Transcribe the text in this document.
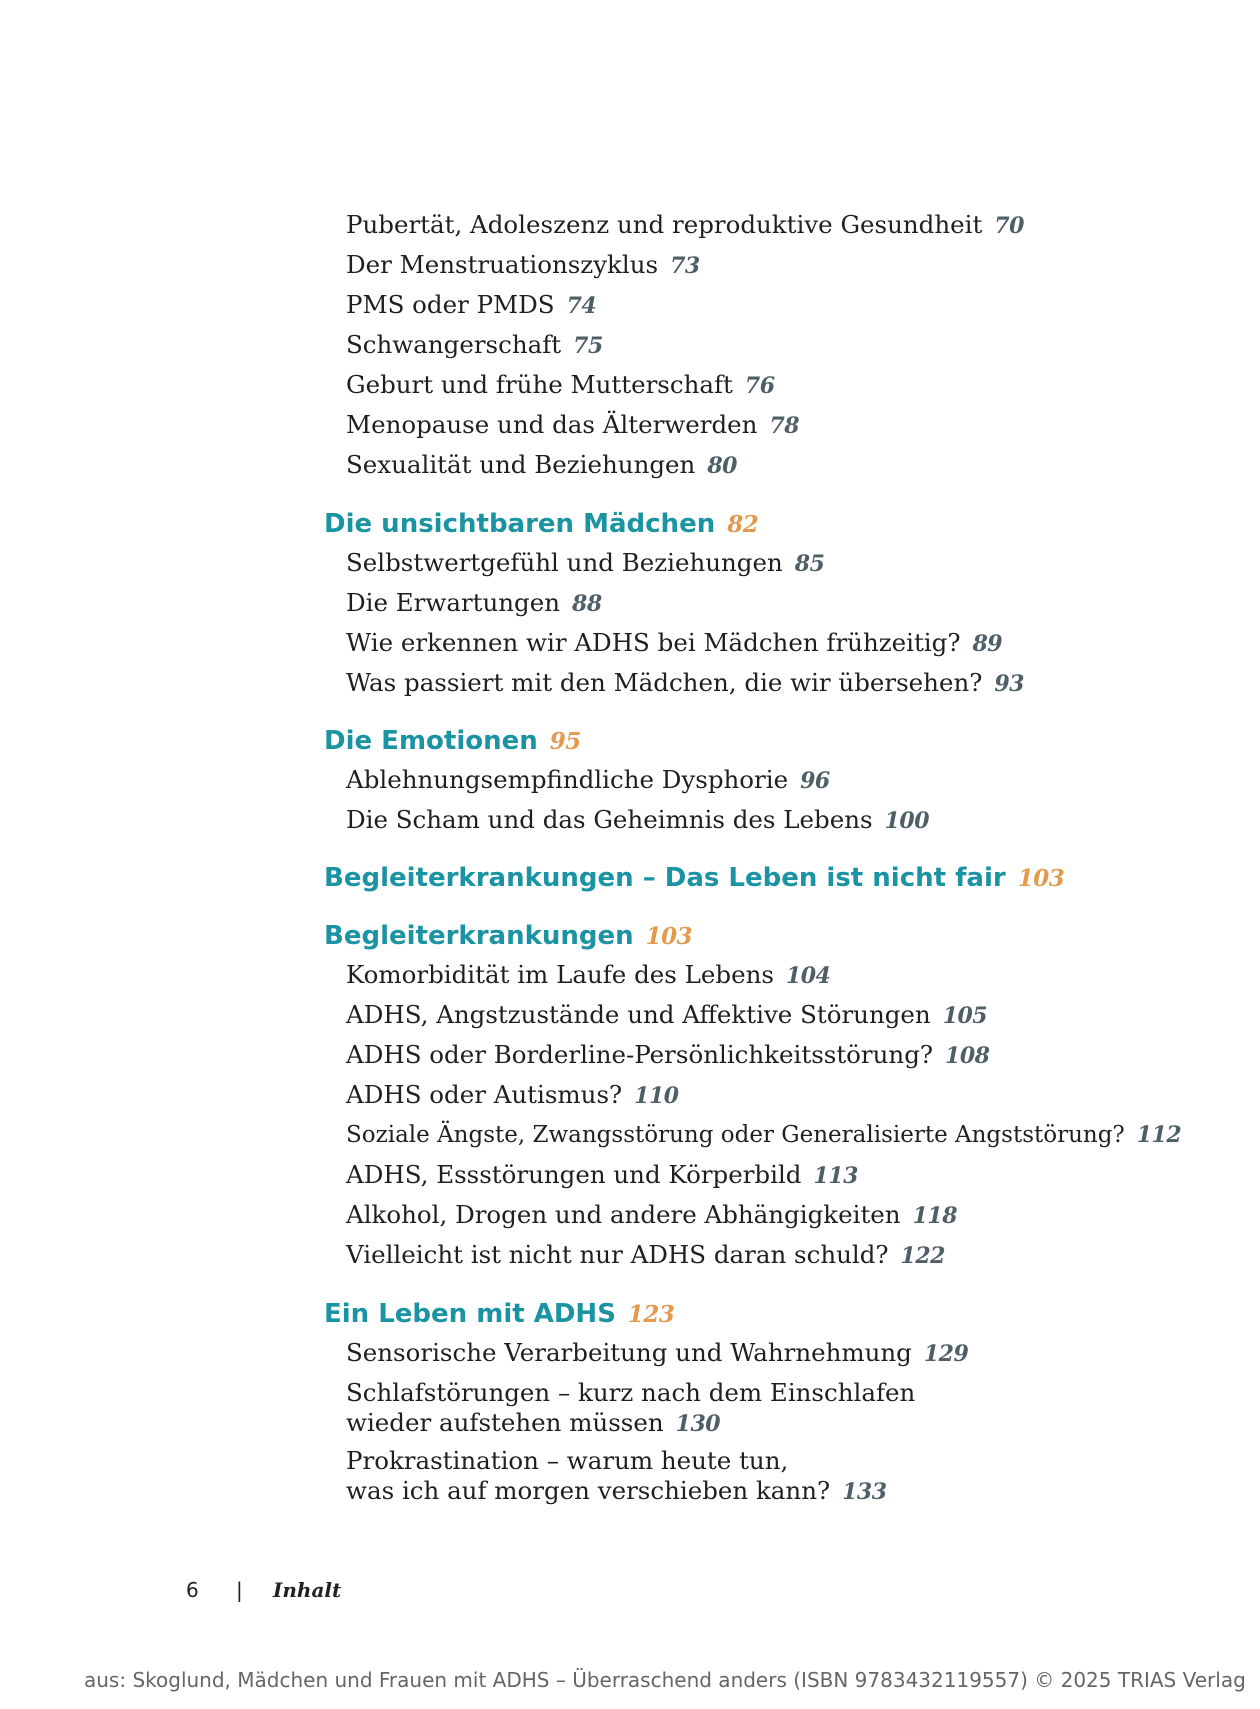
Pubertät, Adoleszenz und reproduktive Gesundheit 70
Der Menstruationszyklus 73
PMS oder PMDS 74
Schwangerschaft 75
Geburt und frühe Mutterschaft 76
Menopause und das Älterwerden 78
Sexualität und Beziehungen 80
Die unsichtbaren Mädchen 82
Selbstwertgefühl und Beziehungen 85
Die Erwartungen 88
Wie erkennen wir ADHS bei Mädchen frühzeitig? 89
Was passiert mit den Mädchen, die wir übersehen? 93
Die Emotionen 95
Ablehnungsempfindliche Dysphorie 96
Die Scham und das Geheimnis des Lebens 100
Begleiterkrankungen – Das Leben ist nicht fair 103
Begleiterkrankungen 103
Komorbidität im Laufe des Lebens 104
ADHS, Angstzustände und Affektive Störungen 105
ADHS oder Borderline-Persönlichkeitsstörung? 108
ADHS oder Autismus? 110
Soziale Ängste, Zwangsstörung oder Generalisierte Angststörung? 112
ADHS, Essstörungen und Körperbild 113
Alkohol, Drogen und andere Abhängigkeiten 118
Vielleicht ist nicht nur ADHS daran schuld? 122
Ein Leben mit ADHS 123
Sensorische Verarbeitung und Wahrnehmung 129
Schlafstörungen – kurz nach dem Einschlafen
wieder aufstehen müssen 130
Prokrastination – warum heute tun,
was ich auf morgen verschieben kann? 133
6 | Inhalt
aus: Skoglund, Mädchen und Frauen mit ADHS – Überraschend anders (ISBN 9783432119557) © 2025 TRIAS Verlag
